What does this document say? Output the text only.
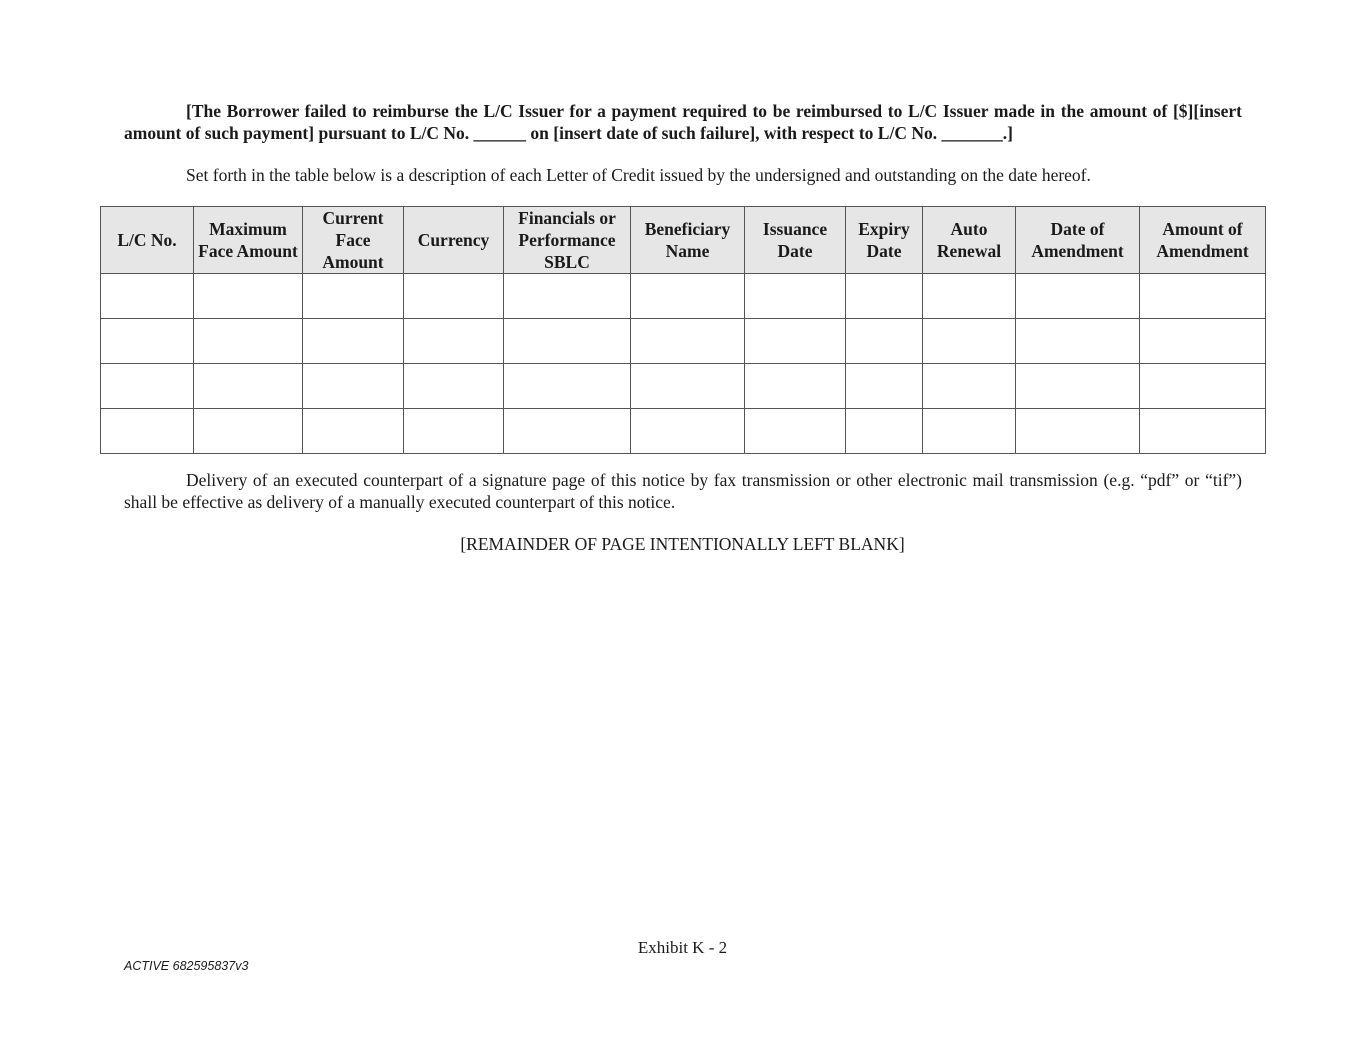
[The Borrower failed to reimburse the L/C Issuer for a payment required to be reimbursed to L/C Issuer made in the amount of [$][insert amount of such payment] pursuant to L/C No. ______ on [insert date of such failure], with respect to L/C No. _______.]

Set forth in the table below is a description of each Letter of Credit issued by the undersigned and outstanding on the date hereof.

L/C No.	Maximum Face Amount	Current Face Amount	Currency	Financials or Performance SBLC	Beneficiary Name	Issuance Date	Expiry Date	Auto Renewal	Date of Amendment	Amount of Amendment

Delivery of an executed counterpart of a signature page of this notice by fax transmission or other electronic mail transmission (e.g. “pdf” or “tif”) shall be effective as delivery of a manually executed counterpart of this notice.

[REMAINDER OF PAGE INTENTIONALLY LEFT BLANK]
Exhibit K - 2
ACTIVE 682595837v3
